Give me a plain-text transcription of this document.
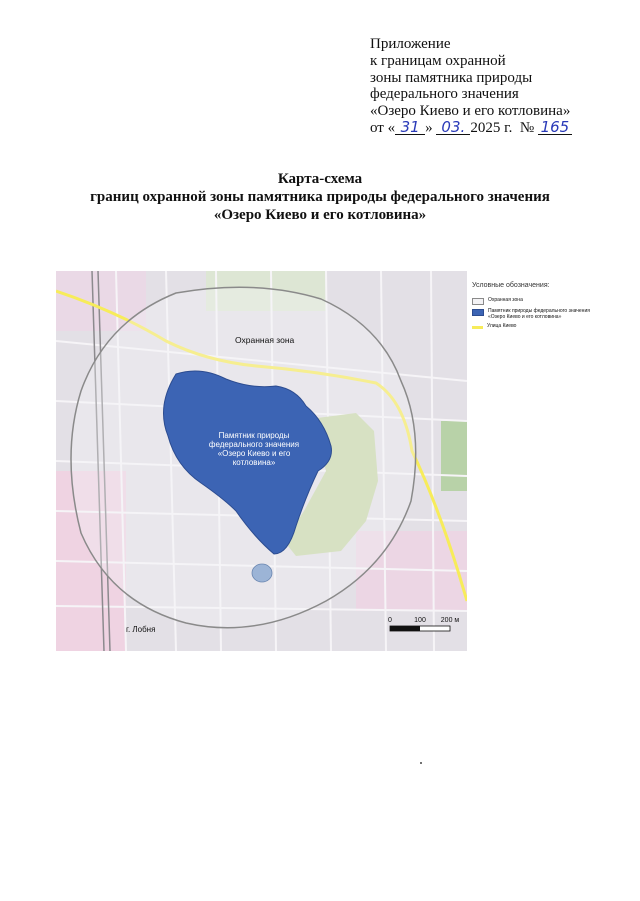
Приложение
к границам охранной
зоны памятника природы
федерального значения
«Озеро Киево и его котловина»
от « 31 » 03. 2025 г. № 165
Карта-схема
границ охранной зоны памятника природы федерального значения
«Озеро Киево и его котловина»
Охранная зона
Памятник природы
федерального значения
«Озеро Киево и его
котловина»
г. Лобня
0	100 200 м
Условные обозначения:
Охранная зона
Памятник природы федерального значения «Озеро Киево и его котловина»
Улица Киево
